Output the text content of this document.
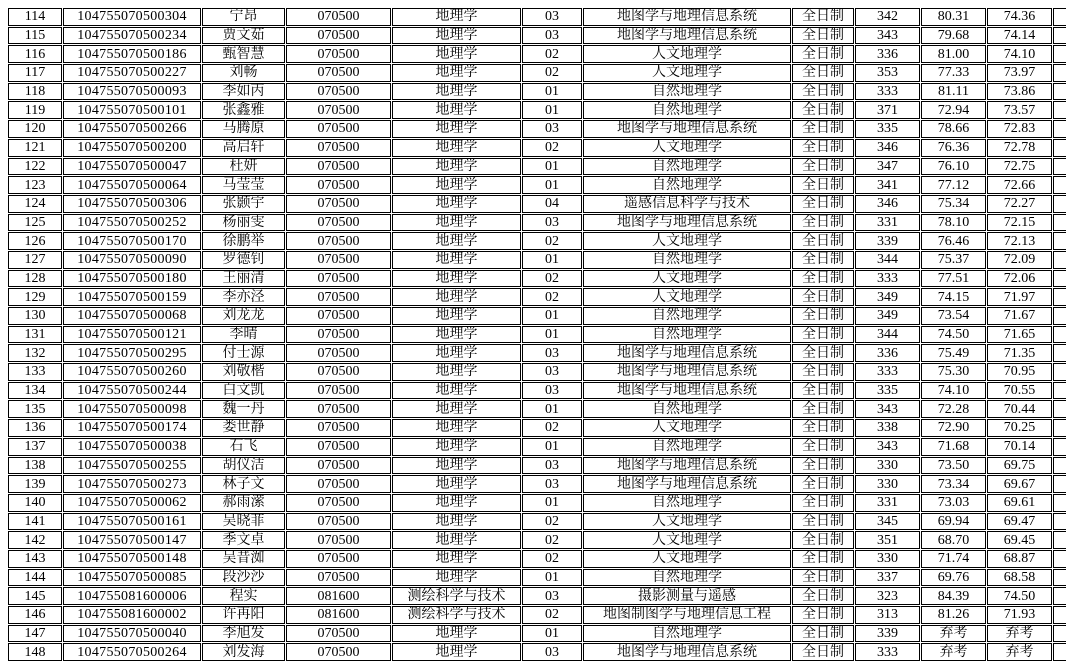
114	104755070500304	宁昂	070500	地理学	03	地图学与地理信息系统	全日制	342	80.31	74.36	
115	104755070500234	贾文茹	070500	地理学	03	地图学与地理信息系统	全日制	343	79.68	74.14	
116	104755070500186	甄智慧	070500	地理学	02	人文地理学	全日制	336	81.00	74.10	
117	104755070500227	刘畅	070500	地理学	02	人文地理学	全日制	353	77.33	73.97	
118	104755070500093	李如丙	070500	地理学	01	自然地理学	全日制	333	81.11	73.86	
119	104755070500101	张鑫雅	070500	地理学	01	自然地理学	全日制	371	72.94	73.57	
120	104755070500266	马腾原	070500	地理学	03	地图学与地理信息系统	全日制	335	78.66	72.83	
121	104755070500200	高启轩	070500	地理学	02	人文地理学	全日制	346	76.36	72.78	
122	104755070500047	杜妍	070500	地理学	01	自然地理学	全日制	347	76.10	72.75	
123	104755070500064	马莹莹	070500	地理学	01	自然地理学	全日制	341	77.12	72.66	
124	104755070500306	张颢宇	070500	地理学	04	遥感信息科学与技术	全日制	346	75.34	72.27	
125	104755070500252	杨丽雯	070500	地理学	03	地图学与地理信息系统	全日制	331	78.10	72.15	
126	104755070500170	徐鹏举	070500	地理学	02	人文地理学	全日制	339	76.46	72.13	
127	104755070500090	罗德钊	070500	地理学	01	自然地理学	全日制	344	75.37	72.09	
128	104755070500180	王丽清	070500	地理学	02	人文地理学	全日制	333	77.51	72.06	
129	104755070500159	李亦泾	070500	地理学	02	人文地理学	全日制	349	74.15	71.97	
130	104755070500068	刘龙龙	070500	地理学	01	自然地理学	全日制	349	73.54	71.67	
131	104755070500121	李晴	070500	地理学	01	自然地理学	全日制	344	74.50	71.65	
132	104755070500295	付士源	070500	地理学	03	地图学与地理信息系统	全日制	336	75.49	71.35	
133	104755070500260	刘敬楷	070500	地理学	03	地图学与地理信息系统	全日制	333	75.30	70.95	
134	104755070500244	白文凯	070500	地理学	03	地图学与地理信息系统	全日制	335	74.10	70.55	
135	104755070500098	魏一丹	070500	地理学	01	自然地理学	全日制	343	72.28	70.44	
136	104755070500174	娄世静	070500	地理学	02	人文地理学	全日制	338	72.90	70.25	
137	104755070500038	石飞	070500	地理学	01	自然地理学	全日制	343	71.68	70.14	
138	104755070500255	胡仪洁	070500	地理学	03	地图学与地理信息系统	全日制	330	73.50	69.75	
139	104755070500273	林子文	070500	地理学	03	地图学与地理信息系统	全日制	330	73.34	69.67	
140	104755070500062	郝雨潆	070500	地理学	01	自然地理学	全日制	331	73.03	69.61	
141	104755070500161	吴晓菲	070500	地理学	02	人文地理学	全日制	345	69.94	69.47	
142	104755070500147	季文卓	070500	地理学	02	人文地理学	全日制	351	68.70	69.45	
143	104755070500148	吴昔洳	070500	地理学	02	人文地理学	全日制	330	71.74	68.87	
144	104755070500085	段沙沙	070500	地理学	01	自然地理学	全日制	337	69.76	68.58	
145	104755081600006	程实	081600	测绘科学与技术	03	摄影测量与遥感	全日制	323	84.39	74.50	
146	104755081600002	许再阳	081600	测绘科学与技术	02	地图制图学与地理信息工程	全日制	313	81.26	71.93	
147	104755070500040	李旭发	070500	地理学	01	自然地理学	全日制	339	弃考	弃考	
148	104755070500264	刘发海	070500	地理学	03	地图学与地理信息系统	全日制	333	弃考	弃考	
